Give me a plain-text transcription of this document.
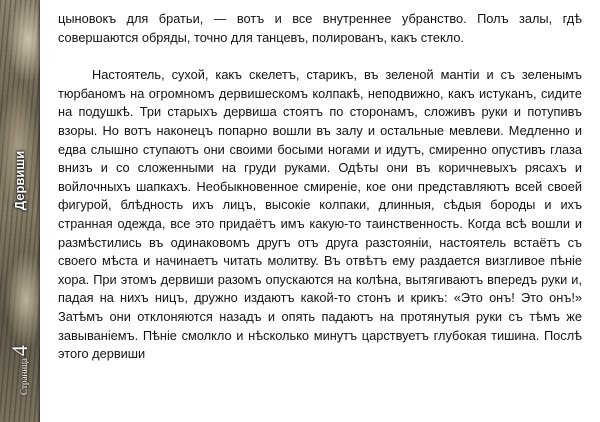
Дервиши
Страница
4

цыновокъ для братьи, — вотъ и все внутреннее убранство. Полъ залы, гдѣ совершаются обряды, точно для танцевъ, полированъ, какъ стекло.

Настоятель, сухой, какъ скелетъ, старикъ, въ зеленой мантіи и съ зеленымъ тюрбаномъ на огромномъ дервишескомъ колпакѣ, неподвижно, какъ истуканъ, сидите на подушкѣ. Три старыхъ дервиша стоятъ по сторонамъ, сложивъ руки и потупивъ взоры. Но вотъ наконецъ попарно вошли въ залу и остальные мевлеви. Медленно и едва слышно ступаютъ они своими босыми ногами и идутъ, смиренно опустивъ глаза внизъ и со сложенными на груди руками. Одѣты они въ коричневыхъ рясахъ и войлочныхъ шапкахъ. Необыкновенное смиреніе, кое они представляютъ всей своей фигурой, блѣдность ихъ лицъ, высокіе колпаки, длинныя, сѣдыя бороды и ихъ странная одежда, все это придаётъ имъ какую-то таинственность. Когда всѣ вошли и размѣстились въ одинаковомъ другъ отъ друга разстояніи, настоятель встаётъ съ своего мѣста и начинаетъ читать молитву. Въ отвѣтъ ему раздается визгливое пѣніе хора. При этомъ дервиши разомъ опускаются на колѣна, вытягиваютъ впередъ руки и, падая на нихъ ницъ, дружно издаютъ какой-то стонъ и крикъ: «Это онъ! Это онъ!» Затѣмъ они отклоняются назадъ и опять падаютъ на протянутыя руки съ тѣмъ же завываніемъ. Пѣніе смолкло и нѣсколько минутъ царствуетъ глубокая тишина. Послѣ этого дервиши
